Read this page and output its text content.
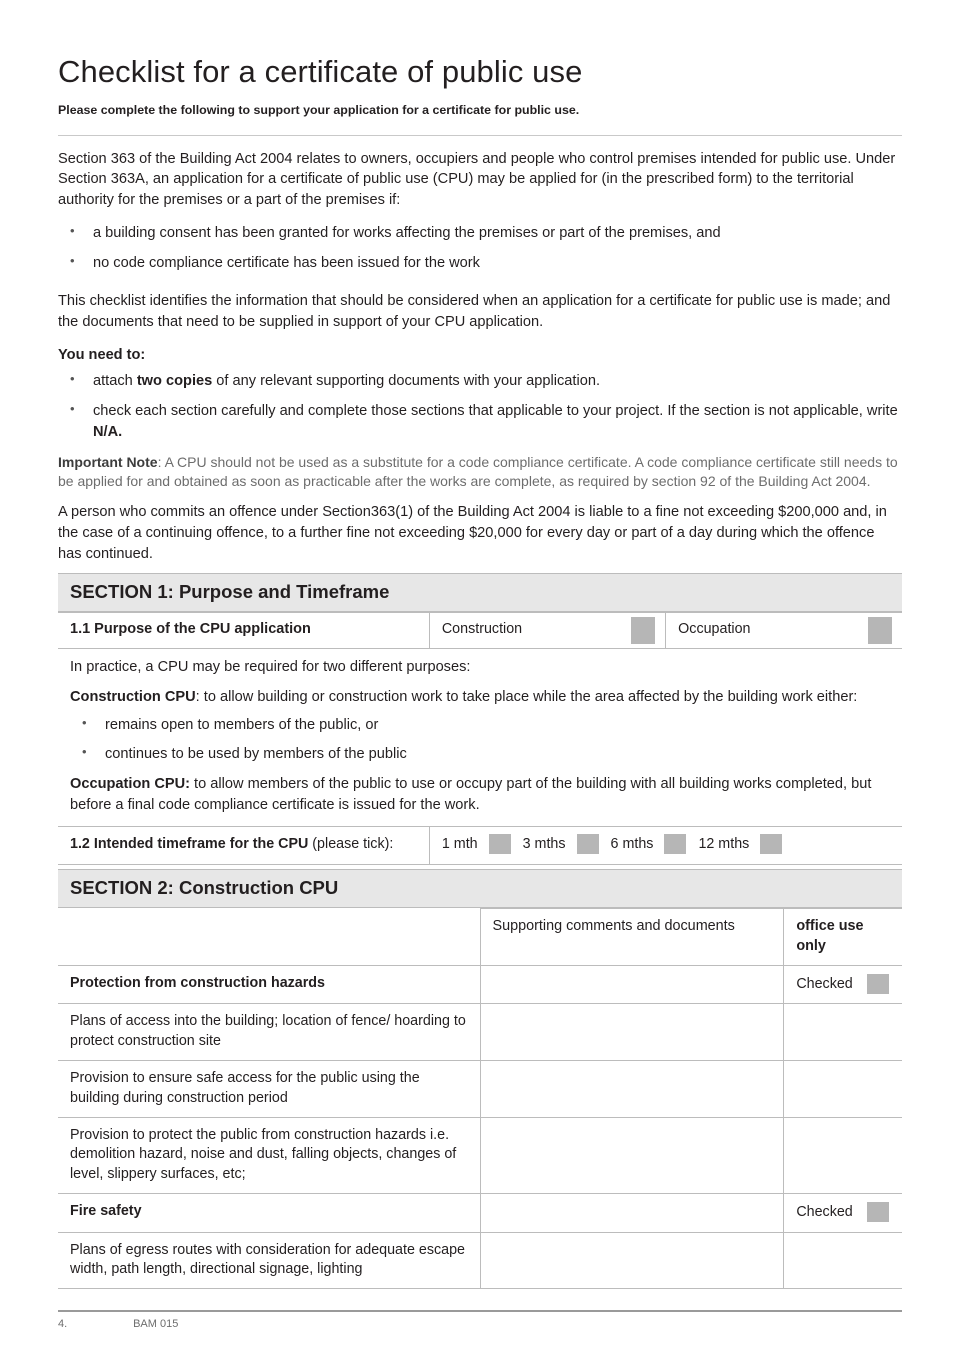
Checklist for a certificate of public use
Please complete the following to support your application for a certificate for public use.

Section 363 of the Building Act 2004 relates to owners, occupiers and people who control premises intended for public use. Under Section 363A, an application for a certificate of public use (CPU) may be applied for (in the prescribed form) to the territorial authority for the premises or a part of the premises if:

• a building consent has been granted for works affecting the premises or part of the premises, and
• no code compliance certificate has been issued for the work

This checklist identifies the information that should be considered when an application for a certificate for public use is made; and the documents that need to be supplied in support of your CPU application.

You need to:

• attach two copies of any relevant supporting documents with your application.
• check each section carefully and complete those sections that applicable to your project. If the section is not applicable, write N/A.

Important Note: A CPU should not be used as a substitute for a code compliance certificate. A code compliance certificate still needs to be applied for and obtained as soon as practicable after the works are complete, as required by section 92 of the Building Act 2004.

A person who commits an offence under Section363(1) of the Building Act 2004 is liable to a fine not exceeding $200,000 and, in the case of a continuing offence, to a further fine not exceeding $20,000 for every day or part of a day during which the offence has continued.

SECTION 1: Purpose and Timeframe
1.1 Purpose of the CPU application	Construction	Occupation

In practice, a CPU may be required for two different purposes:

Construction CPU: to allow building or construction work to take place while the area affected by the building work either:

• remains open to members of the public, or
• continues to be used by members of the public

Occupation CPU: to allow members of the public to use or occupy part of the building with all building works completed, but before a final code compliance certificate is issued for the work.

1.2 Intended timeframe for the CPU (please tick):	1 mth 3 mths 6 mths 12 mths	
SECTION 2: Construction CPU
	Supporting comments and documents	office use only
Protection from construction hazards		Checked
Plans of access into the building; location of fence/ hoarding to protect construction site		
Provision to ensure safe access for the public using the building during construction period		
Provision to protect the public from construction hazards i.e. demolition hazard, noise and dust, falling objects, changes of level, slippery surfaces, etc;		
Fire safety		Checked
Plans of egress routes with consideration for adequate escape width, path length, directional signage, lighting		
4.	BAM 015
